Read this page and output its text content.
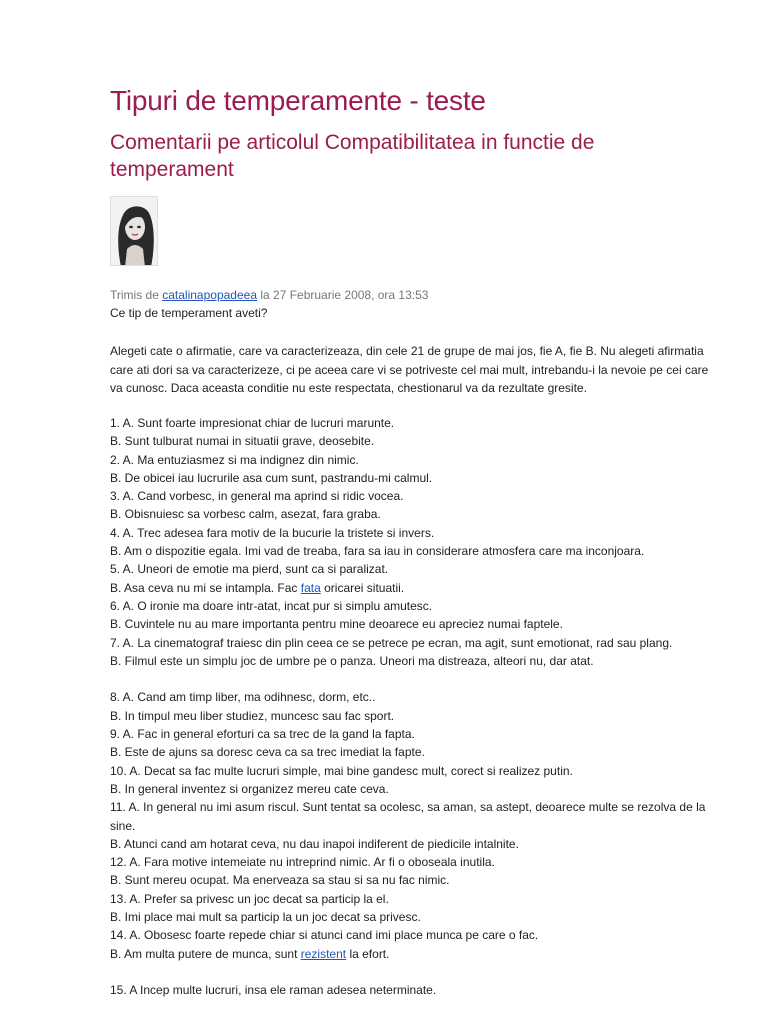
Tipuri de temperamente - teste
Comentarii pe articolul Compatibilitatea in functie de temperament
Trimis de catalinapopadeea la 27 Februarie 2008, ora 13:53
Ce tip de temperament aveti?

Alegeti cate o afirmatie, care va caracterizeaza, din cele 21 de grupe de mai jos, fie A, fie B. Nu alegeti afirmatia care ati dori sa va caracterizeze, ci pe aceea care vi se potriveste cel mai mult, intrebandu-i la nevoie pe cei care va cunosc. Daca aceasta conditie nu este respectata, chestionarul va da rezultate gresite.

1. A. Sunt foarte impresionat chiar de lucruri marunte.
B. Sunt tulburat numai in situatii grave, deosebite.
2. A. Ma entuziasmez si ma indignez din nimic.
B. De obicei iau lucrurile asa cum sunt, pastrandu-mi calmul.
3. A. Cand vorbesc, in general ma aprind si ridic vocea.
B. Obisnuiesc sa vorbesc calm, asezat, fara graba.
4. A. Trec adesea fara motiv de la bucurie la tristete si invers.
B. Am o dispozitie egala. Imi vad de treaba, fara sa iau in considerare atmosfera care ma inconjoara.
5. A. Uneori de emotie ma pierd, sunt ca si paralizat.
B. Asa ceva nu mi se intampla. Fac fata oricarei situatii.
6. A. O ironie ma doare intr-atat, incat pur si simplu amutesc.
B. Cuvintele nu au mare importanta pentru mine deoarece eu apreciez numai faptele.
7. A. La cinematograf traiesc din plin ceea ce se petrece pe ecran, ma agit, sunt emotionat, rad sau plang.
B. Filmul este un simplu joc de umbre pe o panza. Uneori ma distreaza, alteori nu, dar atat.
8. A. Cand am timp liber, ma odihnesc, dorm, etc..
B. In timpul meu liber studiez, muncesc sau fac sport.
9. A. Fac in general eforturi ca sa trec de la gand la fapta.
B. Este de ajuns sa doresc ceva ca sa trec imediat la fapte.
10. A. Decat sa fac multe lucruri simple, mai bine gandesc mult, corect si realizez putin.
B. In general inventez si organizez mereu cate ceva.
11. A. In general nu imi asum riscul. Sunt tentat sa ocolesc, sa aman, sa astept, deoarece multe se rezolva de la sine.
B. Atunci cand am hotarat ceva, nu dau inapoi indiferent de piedicile intalnite.
12. A. Fara motive intemeiate nu intreprind nimic. Ar fi o oboseala inutila.
B. Sunt mereu ocupat. Ma enerveaza sa stau si sa nu fac nimic.
13. A. Prefer sa privesc un joc decat sa particip la el.
B. Imi place mai mult sa particip la un joc decat sa privesc.
14. A. Obosesc foarte repede chiar si atunci cand imi place munca pe care o fac.
B. Am multa putere de munca, sunt rezistent la efort.
15. A Incep multe lucruri, insa ele raman adesea neterminate.
